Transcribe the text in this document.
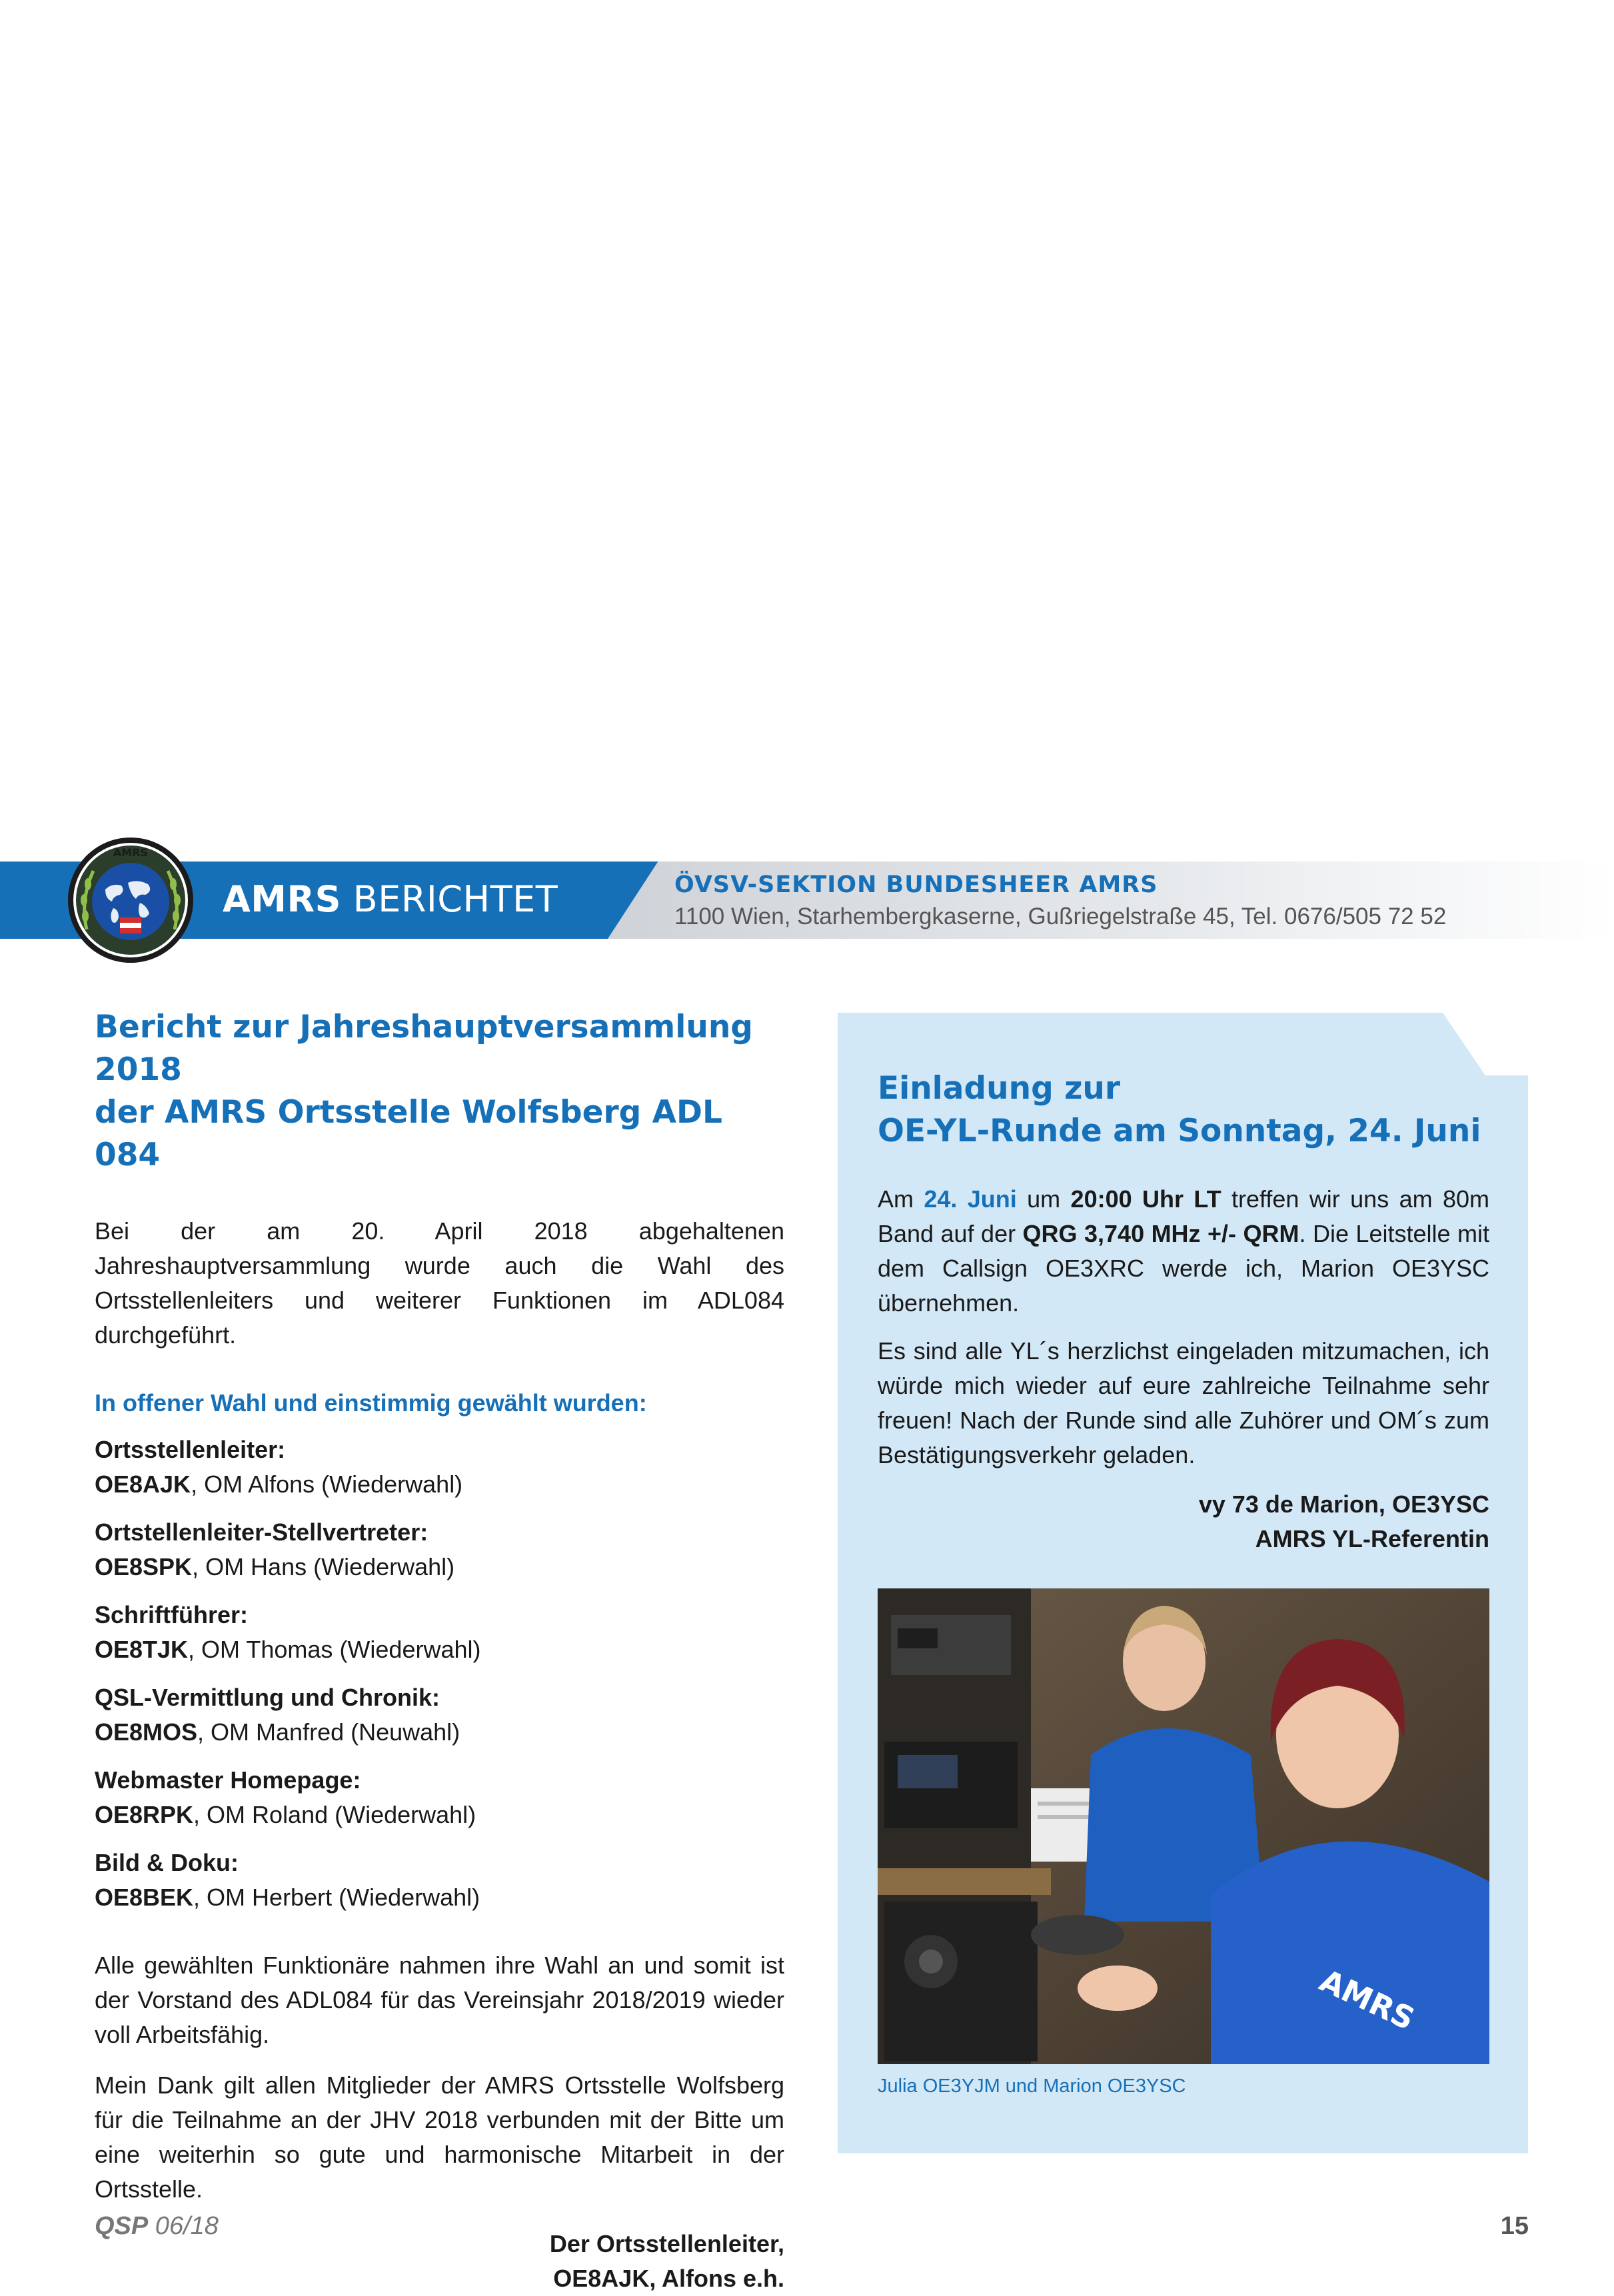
AMRS
AMRS BERICHTET	ÖVSV-SEKTION BUNDESHEER AMRS
1100 Wien, Starhembergkaserne, Gußriegelstraße 45, Tel. 0676/505 72 52
Bericht zur Jahreshauptversammlung 2018
der AMRS Ortsstelle Wolfsberg ADL 084

Bei der am 20. April 2018 abgehaltenen Jahreshauptversammlung wurde auch die Wahl des Ortsstellenleiters und weiterer Funktionen im ADL084 durchgeführt.

In offener Wahl und einstimmig gewählt wurden:

Ortsstellenleiter:
OE8AJK, OM Alfons (Wiederwahl)
Ortstellenleiter-Stellvertreter:
OE8SPK, OM Hans (Wiederwahl)
Schriftführer:
OE8TJK, OM Thomas (Wiederwahl)
QSL-Vermittlung und Chronik:
OE8MOS, OM Manfred (Neuwahl)
Webmaster Homepage:
OE8RPK, OM Roland (Wiederwahl)
Bild & Doku:
OE8BEK, OM Herbert (Wiederwahl)

Alle gewählten Funktionäre nahmen ihre Wahl an und somit ist der Vorstand des ADL084 für das Vereinsjahr 2018/2019 wieder voll Arbeitsfähig.

Mein Dank gilt allen Mitglieder der AMRS Ortsstelle Wolfsberg für die Teilnahme an der JHV 2018 verbunden mit der Bitte um eine weiterhin so gute und harmonische Mitarbeit in der Ortsstelle.

Der Ortsstellenleiter,
OE8AJK, Alfons e.h.
Einladung zur
OE-YL-Runde am Sonntag, 24. Juni

Am 24. Juni um 20:00 Uhr LT treffen wir uns am 80m Band auf der QRG 3,740 MHz +/- QRM. Die Leitstelle mit dem Callsign OE3XRC werde ich, Marion OE3YSC übernehmen.

Es sind alle YL´s herzlichst eingeladen mitzumachen, ich würde mich wieder auf eure zahlreiche Teilnahme sehr freuen! Nach der Runde sind alle Zuhörer und OM´s zum Bestätigungsverkehr geladen.

vy 73 de Marion, OE3YSC
AMRS YL-Referentin
AMRS
Julia OE3YJM und Marion OE3YSC
QSP 06/18	15
